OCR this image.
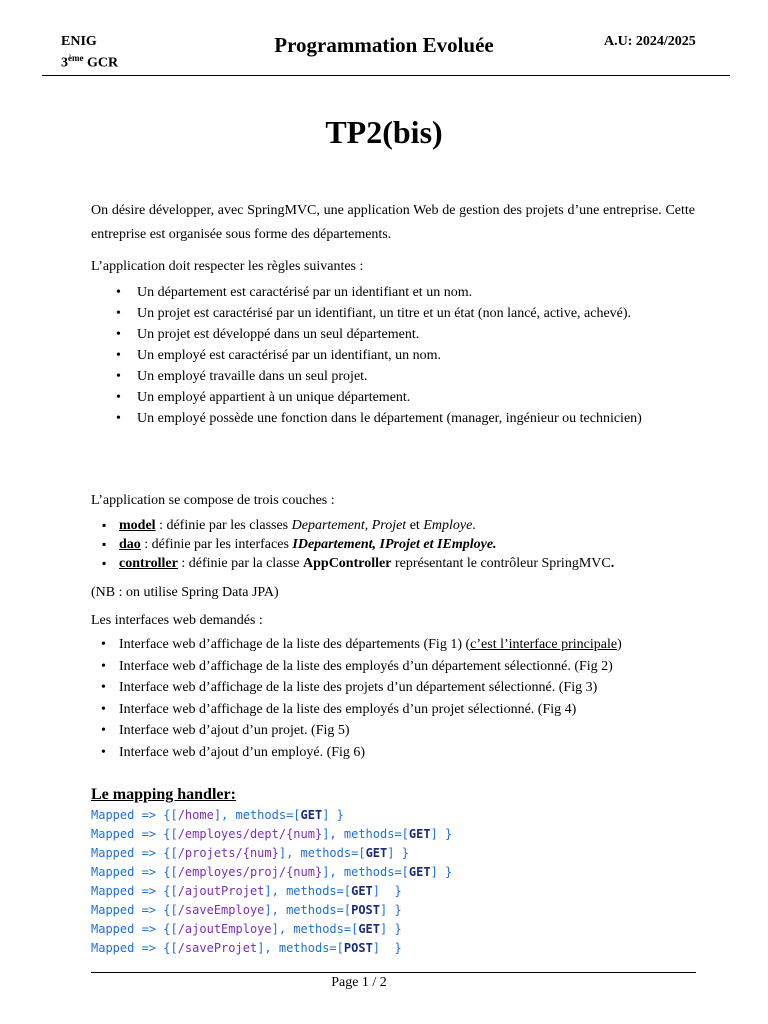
ENIG
3ème GCR
Programmation Evoluée	A.U: 2024/2025
TP2(bis)
On désire développer, avec SpringMVC, une application Web de gestion des projets d’une entreprise. Cette entreprise est organisée sous forme des départements.
L’application doit respecter les règles suivantes :
• Un département est caractérisé par un identifiant et un nom.
• Un projet est caractérisé par un identifiant, un titre et un état (non lancé, active, achevé).
• Un projet est développé dans un seul département.
• Un employé est caractérisé par un identifiant, un nom.
• Un employé travaille dans un seul projet.
• Un employé appartient à un unique département.
• Un employé possède une fonction dans le département (manager, ingénieur ou technicien)
L’application se compose de trois couches :
▪ model : définie par les classes Departement, Projet et Employe.
▪ dao : définie par les interfaces IDepartement, IProjet et IEmploye.
▪ controller : définie par la classe AppController représentant le contrôleur SpringMVC.
(NB : on utilise Spring Data JPA)
Les interfaces web demandés :
• Interface web d’affichage de la liste des départements (Fig 1) (c’est l’interface principale)
• Interface web d’affichage de la liste des employés d’un département sélectionné. (Fig 2)
• Interface web d’affichage de la liste des projets d’un département sélectionné. (Fig 3)
• Interface web d’affichage de la liste des employés d’un projet sélectionné. (Fig 4)
• Interface web d’ajout d’un projet. (Fig 5)
• Interface web d’ajout d’un employé. (Fig 6)
Le mapping handler:
Mapped => {[/home], methods=[GET] }
Mapped => {[/employes/dept/{num}], methods=[GET] }
Mapped => {[/projets/{num}], methods=[GET] }
Mapped => {[/employes/proj/{num}], methods=[GET] }
Mapped => {[/ajoutProjet], methods=[GET]  }
Mapped => {[/saveEmploye], methods=[POST] }
Mapped => {[/ajoutEmploye], methods=[GET] }
Mapped => {[/saveProjet], methods=[POST]  }
Page 1 / 2
